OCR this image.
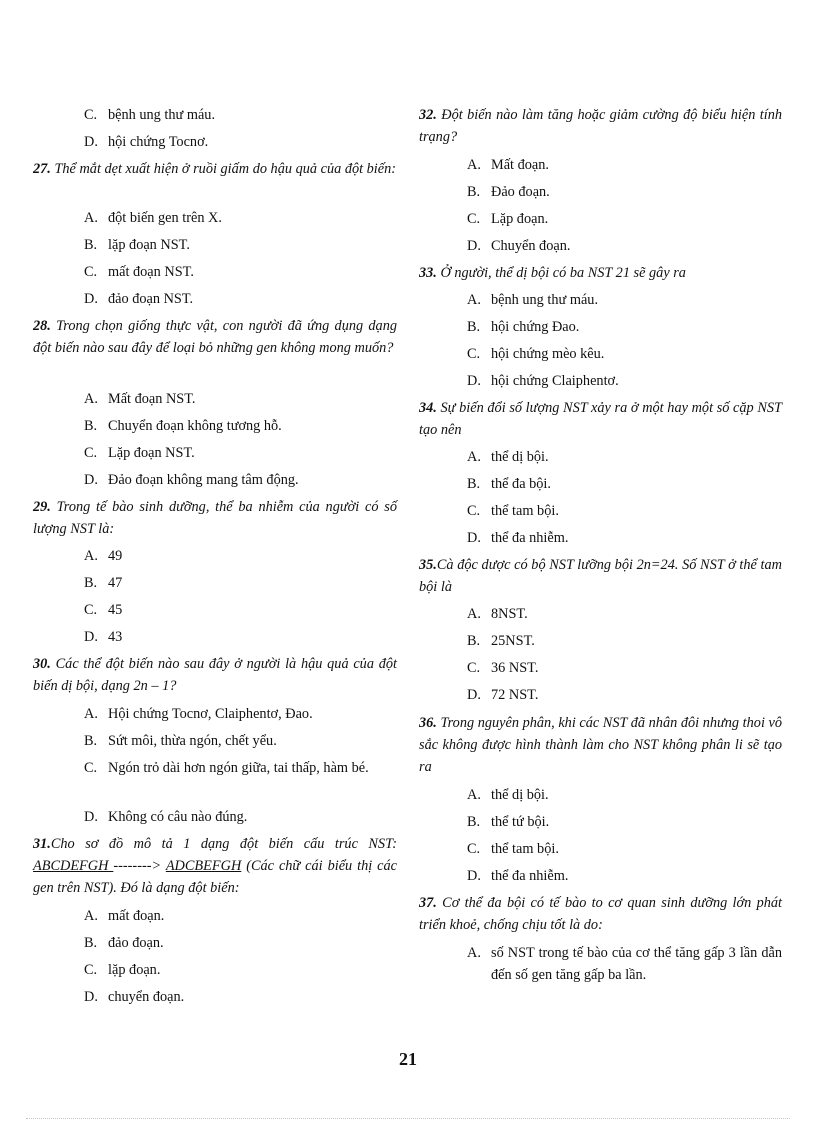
C. bệnh ung thư máu.
D. hội chứng Tocnơ.
27. Thể mắt dẹt xuất hiện ở ruồi giấm do hậu quả của đột biến:
A. đột biến gen trên X.
B. lặp đoạn NST.
C. mất đoạn NST.
D. đảo đoạn NST.
28. Trong chọn giống thực vật, con người đã ứng dụng dạng đột biến nào sau đây để loại bỏ những gen không mong muốn?
A. Mất đoạn NST.
B. Chuyển đoạn không tương hỗ.
C. Lặp đoạn NST.
D. Đảo đoạn không mang tâm động.
29. Trong tế bào sinh dưỡng, thể ba nhiễm của người có số lượng NST là:
A. 49
B. 47
C. 45
D. 43
30. Các thể đột biến nào sau đây ở người là hậu quả của đột biến dị bội, dạng 2n – 1?
A. Hội chứng Tocnơ, Claiphentơ, Đao.
B. Sứt môi, thừa ngón, chết yểu.
C. Ngón trỏ dài hơn ngón giữa, tai thấp, hàm bé.
D. Không có câu nào đúng.
31.Cho sơ đồ mô tả 1 dạng đột biến cấu trúc NST: ABCDEFGH --------> ADCBEFGH (Các chữ cái biểu thị các gen trên NST). Đó là dạng đột biến:
A. mất đoạn.
B. đảo đoạn.
C. lặp đoạn.
D. chuyển đoạn.
32. Đột biến nào làm tăng hoặc giảm cường độ biểu hiện tính trạng?
A. Mất đoạn.
B. Đảo đoạn.
C. Lặp đoạn.
D. Chuyển đoạn.
33. Ở người, thể dị bội có ba NST 21 sẽ gây ra
A. bệnh ung thư máu.
B. hội chứng Đao.
C. hội chứng mèo kêu.
D. hội chứng Claiphentơ.
34. Sự biến đổi số lượng NST xảy ra ở một hay một số cặp NST tạo nên
A. thể dị bội.
B. thể đa bội.
C. thể tam bội.
D. thể đa nhiễm.
35.Cà độc dược có bộ NST lưỡng bội 2n=24. Số NST ở thể tam bội là
A. 8NST.
B. 25NST.
C. 36 NST.
D. 72 NST.
36. Trong nguyên phân, khi các NST đã nhân đôi nhưng thoi vô sắc không được hình thành làm cho NST không phân li sẽ tạo ra
A. thể dị bội.
B. thể tứ bội.
C. thể tam bội.
D. thể đa nhiễm.
37. Cơ thể đa bội có tế bào to cơ quan sinh dưỡng lớn phát triển khoẻ, chống chịu tốt là do:
A. số NST trong tế bào của cơ thể tăng gấp 3 lần dẫn đến số gen tăng gấp ba lần.
21
